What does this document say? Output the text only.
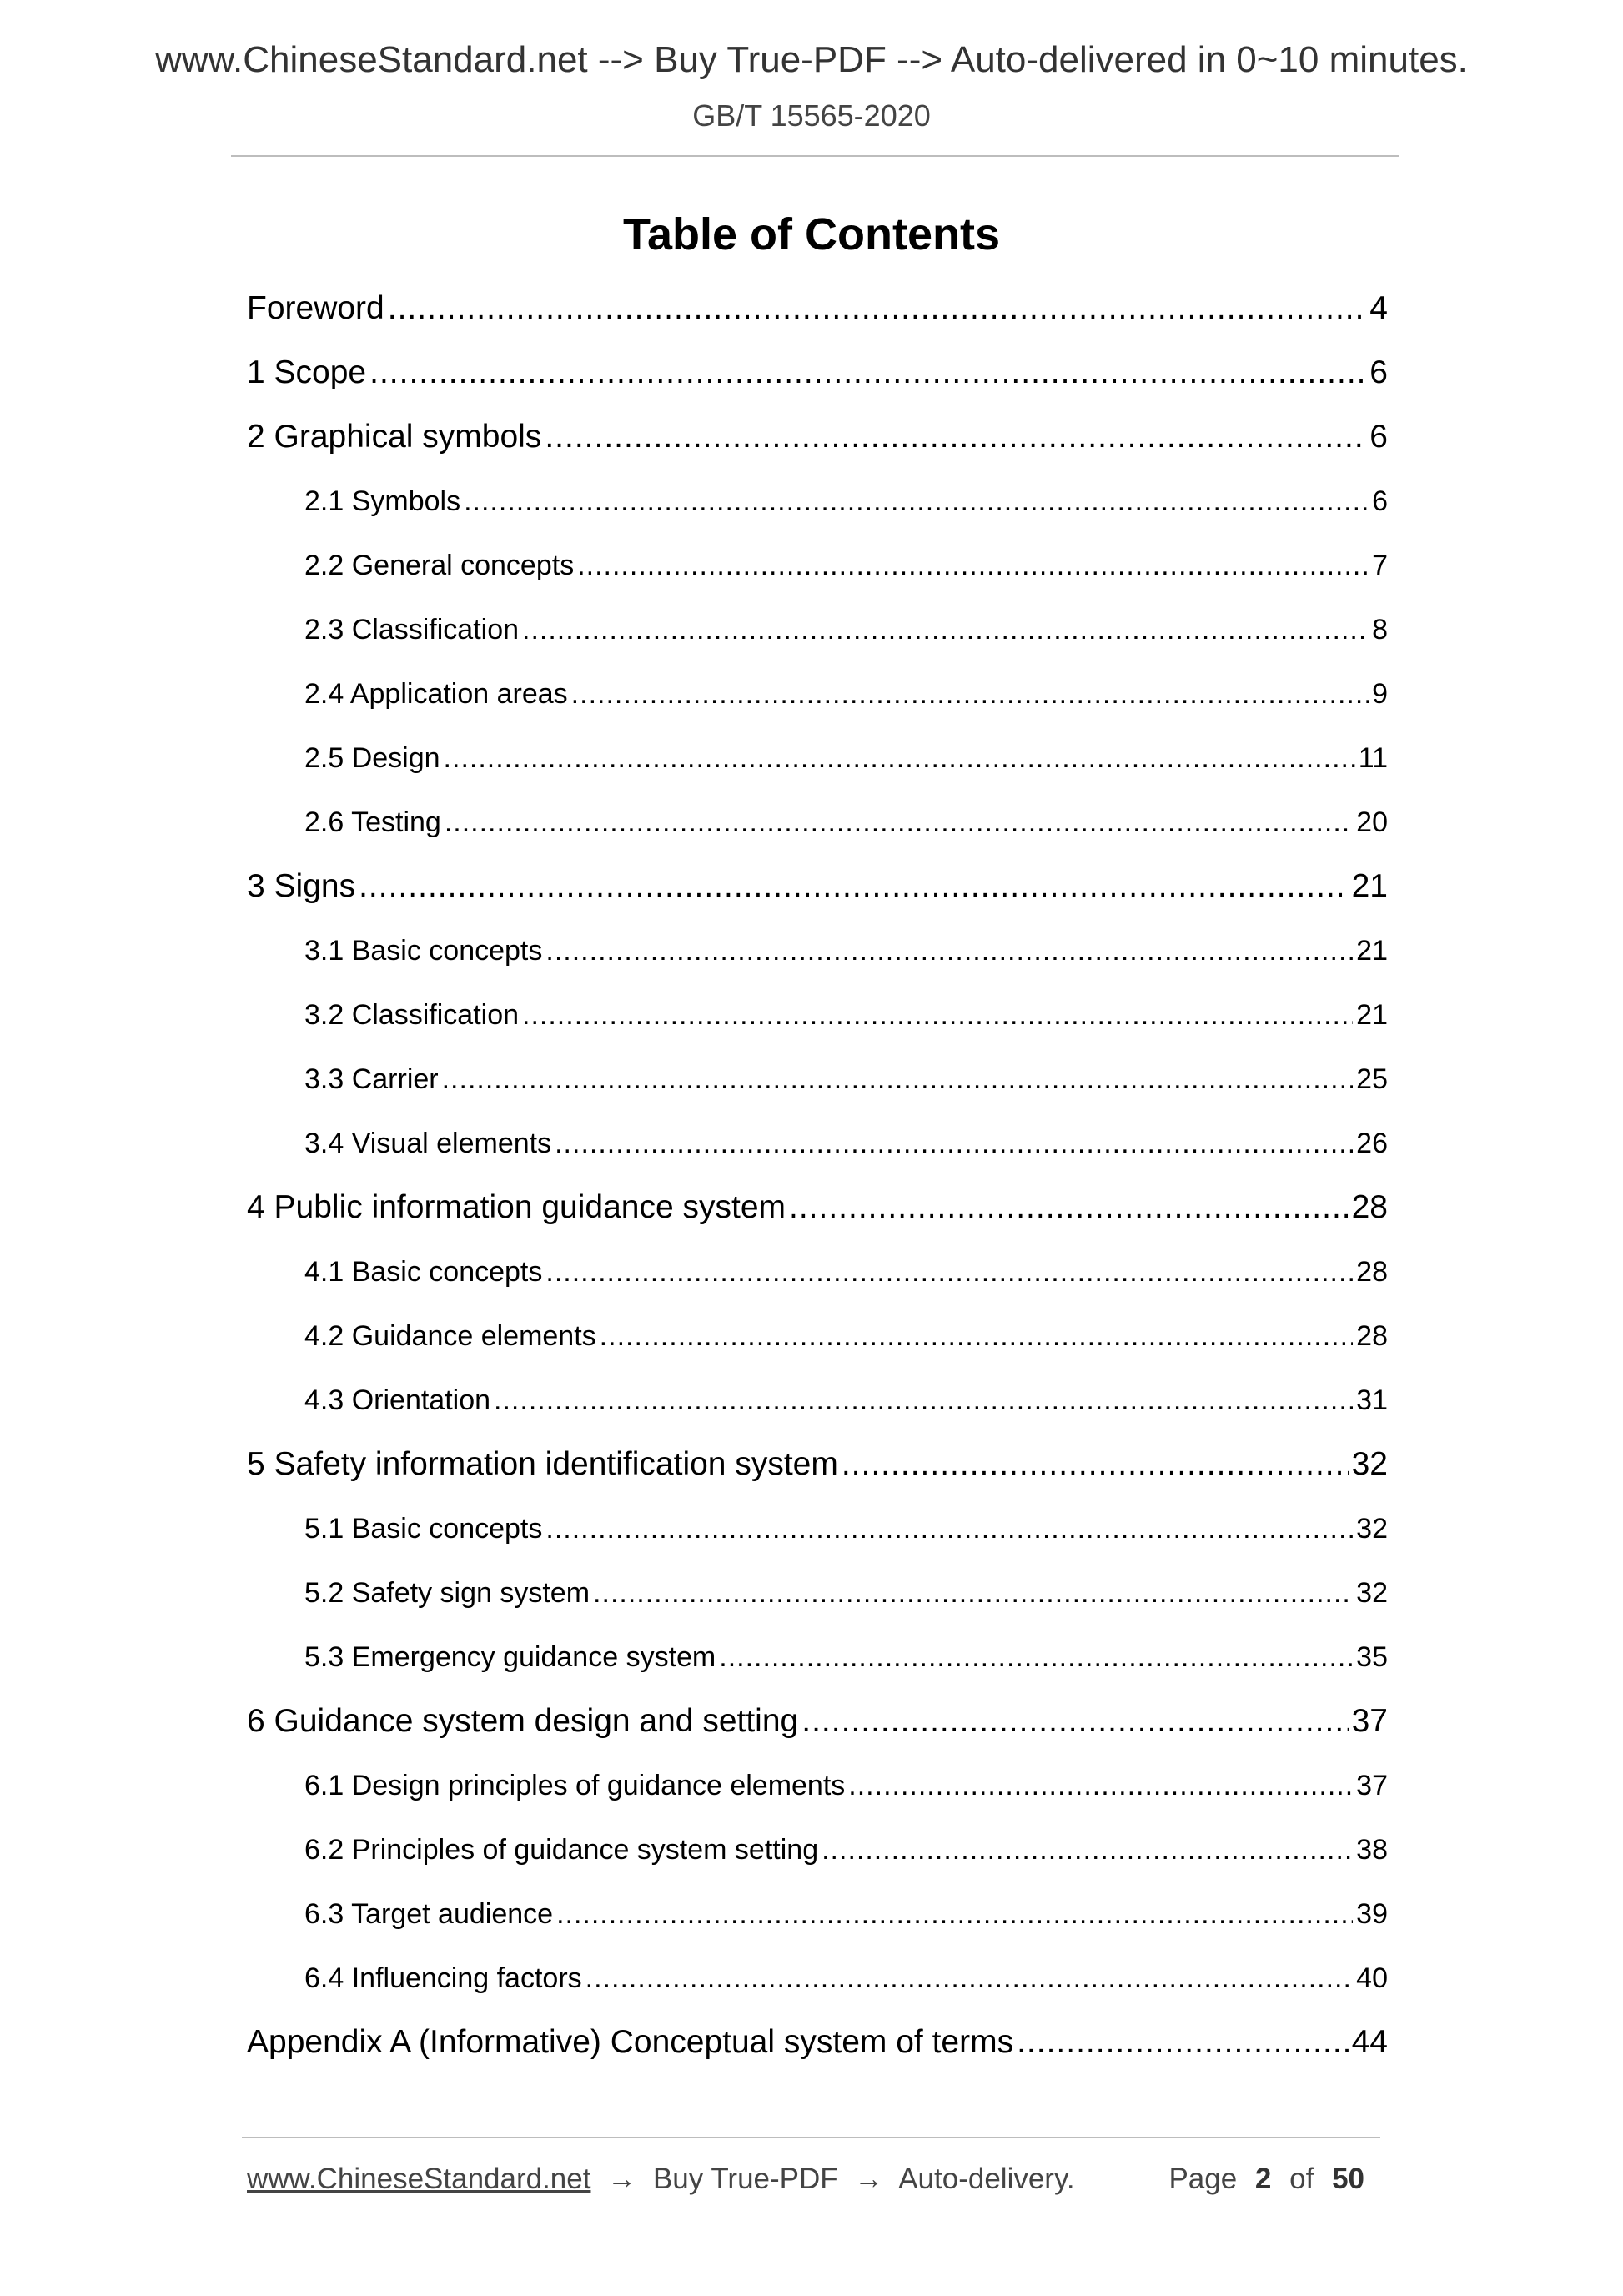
www.ChineseStandard.net --> Buy True-PDF --> Auto-delivered in 0~10 minutes.
GB/T 15565-2020
Table of Contents
Foreword .....	4
1 Scope .....	6
2 Graphical symbols .....	6
2.1 Symbols .....	6
2.2 General concepts .....	7
2.3 Classification .....	8
2.4 Application areas .....	9
2.5 Design .....	11
2.6 Testing .....	20
3 Signs .....	21
3.1 Basic concepts .....	21
3.2 Classification .....	21
3.3 Carrier .....	25
3.4 Visual elements .....	26
4 Public information guidance system .....	28
4.1 Basic concepts .....	28
4.2 Guidance elements .....	28
4.3 Orientation .....	31
5 Safety information identification system .....	32
5.1 Basic concepts .....	32
5.2 Safety sign system .....	32
5.3 Emergency guidance system .....	35
6 Guidance system design and setting .....	37
6.1 Design principles of guidance elements .....	37
6.2 Principles of guidance system setting .....	38
6.3 Target audience .....	39
6.4 Influencing factors .....	40
Appendix A (Informative) Conceptual system of terms .....	44
www.ChineseStandard.net → Buy True-PDF → Auto-delivery.	Page 2 of 50
